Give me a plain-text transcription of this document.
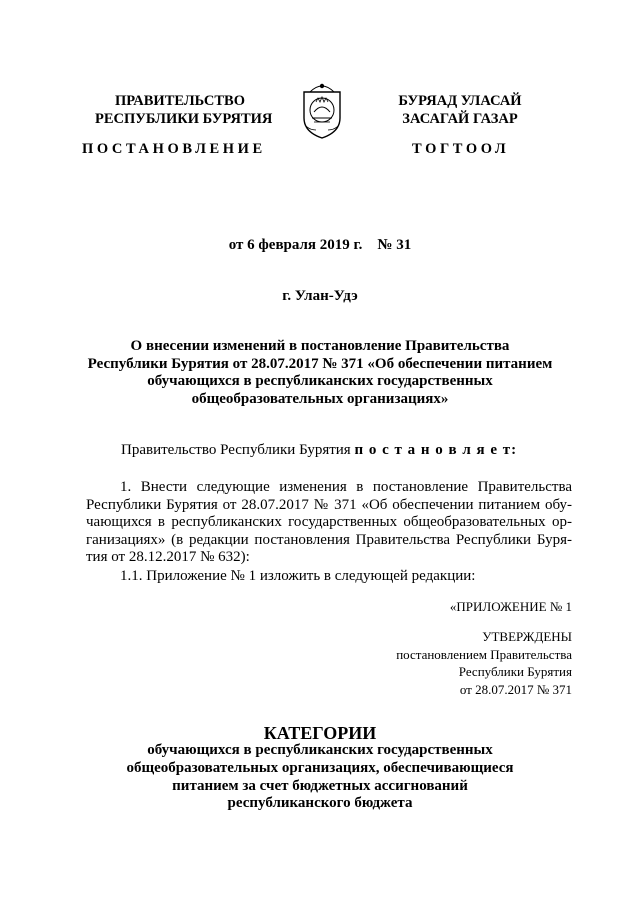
ПРАВИТЕЛЬСТВО
РЕСПУБЛИКИ БУРЯТИЯ
БУРЯАД УЛАСАЙ
ЗАСАГАЙ ГАЗАР
ПОСТАНОВЛЕНИЕ	ТОГТООЛ
от 6 февраля 2019 г.    № 31
г. Улан-Удэ
О внесении изменений в постановление Правительства
Республики Бурятия от 28.07.2017 № 371 «Об обеспечении питанием
обучающихся в республиканских государственных
общеобразовательных организациях»
Правительство Республики Бурятия п о с т а н о в л я е т:
1. Внести следующие изменения в постановление Правительства Республики Бурятия от 28.07.2017 № 371 «Об обеспечении питанием обучающихся в республиканских государственных общеобразовательных организациях» (в редакции постановления Правительства Республики Бурятия от 28.12.2017 № 632):
1.1. Приложение № 1 изложить в следующей редакции:
«ПРИЛОЖЕНИЕ № 1
УТВЕРЖДЕНЫ
постановлением Правительства
Республики Бурятия
от 28.07.2017 № 371
КАТЕГОРИИ
обучающихся в республиканских государственных
общеобразовательных организациях, обеспечивающиеся
питанием за счет бюджетных ассигнований
республиканского бюджета
